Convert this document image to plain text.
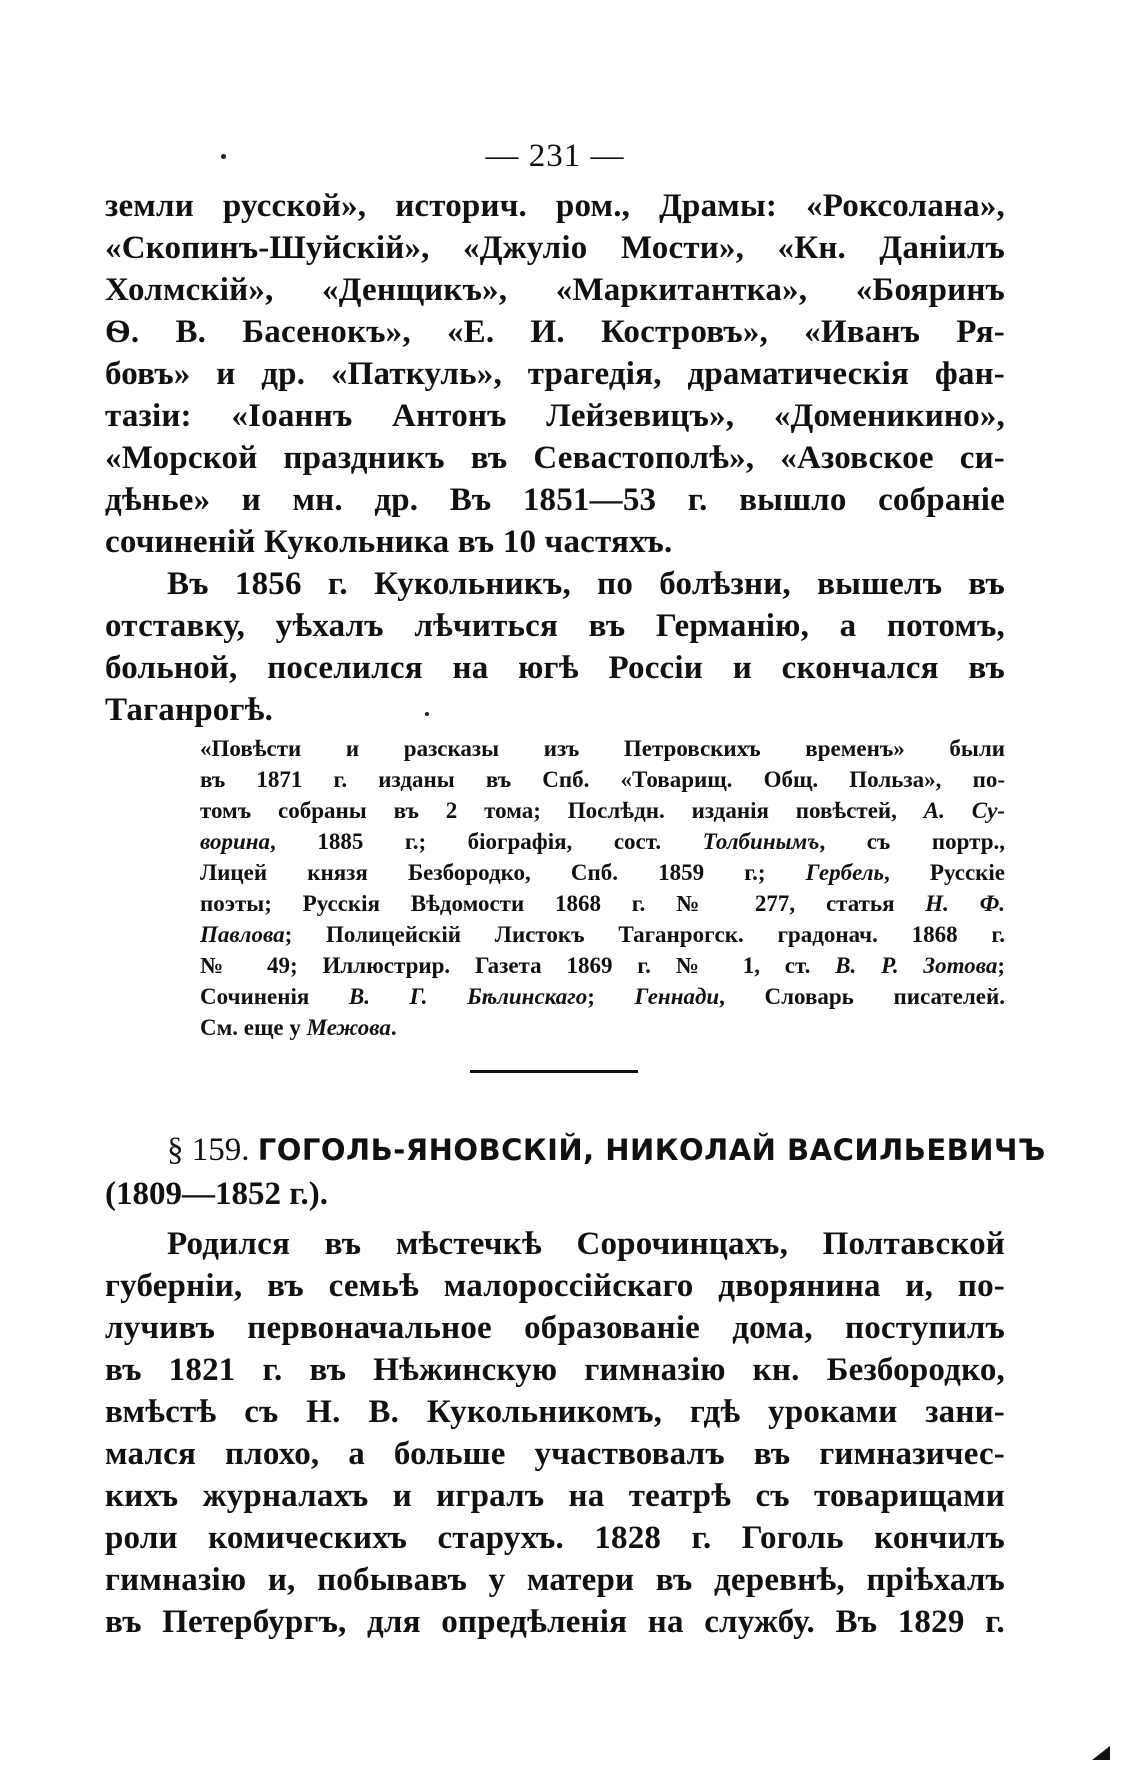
— 231 —
земли русской», историч. ром., Драмы: «Роксолана»,
«Скопинъ-Шуйскій», «Джуліо Мости», «Кн. Даніилъ
Холмскій», «Денщикъ», «Маркитантка», «Бояринъ
Ѳ. В. Басенокъ», «Е. И. Костровъ», «Иванъ Ря-
бовъ» и др. «Паткуль», трагедія, драматическія фан-
тазіи: «Іоаннъ Антонъ Лейзевицъ», «Доменикино»,
«Морской праздникъ въ Севастополѣ», «Азовское си-
дѣнье» и мн. др. Въ 1851—53 г. вышло собраніе
сочиненій Кукольника въ 10 частяхъ.
Въ 1856 г. Кукольникъ, по болѣзни, вышелъ въ
отставку, уѣхалъ лѣчиться въ Германію, а потомъ,
больной, поселился на югѣ Россіи и скончался въ
Таганрогѣ.
«Повѣсти и разсказы изъ Петровскихъ временъ» были
въ 1871 г. изданы въ Спб. «Товарищ. Общ. Польза», по-
томъ собраны въ 2 тома; Послѣдн. изданія повѣстей, А. Су-
ворина, 1885 г.; біографія, сост. Толбинымъ, съ портр.,
Лицей князя Безбородко, Спб. 1859 г.; Гербель, Русскіе
поэты; Русскія Вѣдомости 1868 г. № 277, статья Н. Ф.
Павлова; Полицейскій Листокъ Таганрогск. градонач. 1868 г.
№ 49; Иллюстрир. Газета 1869 г. № 1, ст. В. Р. Зотова;
Сочиненія В. Г. Бѣлинскаго; Геннади, Словарь писателей.
См. еще у Межова.
§ 159. ГОГОЛЬ-ЯНОВСКІЙ, НИКОЛАЙ ВАСИЛЬЕВИЧЪ
(1809—1852 г.).
Родился въ мѣстечкѣ Сорочинцахъ, Полтавской
губерніи, въ семьѣ малороссійскаго дворянина и, по-
лучивъ первоначальное образованіе дома, поступилъ
въ 1821 г. въ Нѣжинскую гимназію кн. Безбородко,
вмѣстѣ съ Н. В. Кукольникомъ, гдѣ уроками зани-
мался плохо, а больше участвовалъ въ гимназичес-
кихъ журналахъ и игралъ на театрѣ съ товарищами
роли комическихъ старухъ. 1828 г. Гоголь кончилъ
гимназію и, побывавъ у матери въ деревнѣ, пріѣхалъ
въ Петербургъ, для опредѣленія на службу. Въ 1829 г.
